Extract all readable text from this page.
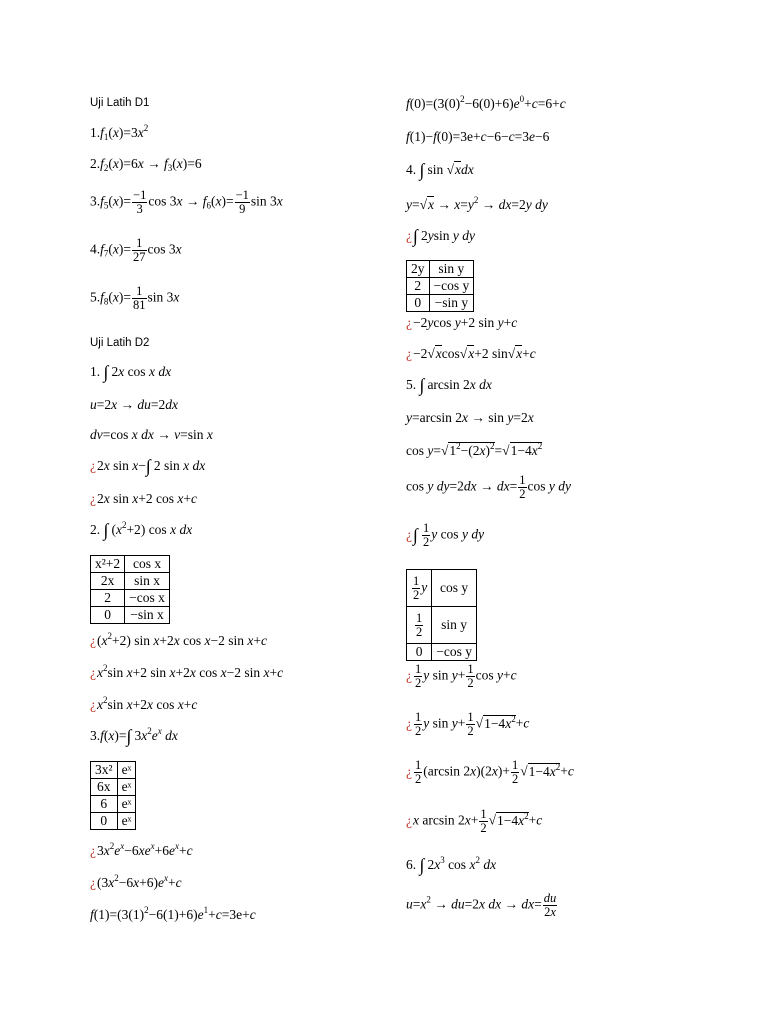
Uji Latih D1
$1.f_1(x)=3x^2$
$2.f_2(x)=6x \to f_3(x)=6$
$3.f_5(x)= \frac{-1}{3}$ $\cos 3x \to f_6(x)= \frac{-1}{9}$ sin 3x
$4.f_7(x)= \frac{1}{27}$ cos 3x
$5.f_8(x)= \frac{1}{81}$ sin 3x
Uji Latih D2
1. ∫ 2x cos x dx
u=2x → du=2dx
dv=cos x dx → v=sin x
¿2x sin x−∫ 2 sin x dx
¿2x sin x+2 cos x+c
2. ∫ $(x^2+2)$ cos x dx
x²+2	cos x
2x	sin x
2	−cos x
0	−sin x
¿$(x^2+2)$ sin x+2x cos x−2 sin x+c
¿$x^2\sin$ x+2 sin x+2x cos x−2 sin x+c
¿$x^2\sin$ x+2x cos x+c
3.f(x)=∫ $3x^2e^x$ dx
3x²	eˣ
6x	eˣ
6	eˣ
0	eˣ
¿$3x^2e^x-6xe^x+6e^x+c$
¿$(3x^2-6x+6)e^x+c$
$f(1)=(3(1)^2-6(1)+6)e^1+c=3e+c$
$f(0)=(3(0)^2-6(0)+6)e^0+c=6+c$
f(1)−f(0)=3e+c−6−c=3e−6
4. ∫ sin √xdx
$y=√x \to x=y^2 \to dx=2y$ dy
¿∫ 2ysin y dy
2y	sin y
2	−cos y
0	−sin y
¿−2ycos y+2 sin y+c
¿−2√xcos√x+2 sin√x+c
5. ∫ arcsin 2x dx
y=arcsin 2x → sin y=2x
$\cos y=√1^2-(2x)^2=√1-4x^2$
cos y $dy=2dx \to dx= \frac{1}{2}$ cos y dy
¿∫ $\frac{1}{2}$ y cos y dy
$\frac{1}{2}$ y	cos y

$\frac{1}{2}$	sin y
0	−cos y
¿ $\frac{1}{2}$ y $\sin y+ \frac{1}{2}$ cos y+c
¿ $\frac{1}{2}$ y $\sin y+ \frac{1}{2} √1-4x^2+c$
¿ $\frac{1}{2} (\arcsin$ $2x)(2x)+ \frac{1}{2} √1-4x^2+c$
¿x $\arcsin 2x+ \frac{1}{2} √1-4x^2+c$
6. ∫ $2x^3$ $\cos x^2$ dx
$u=x^2 \to du=2x$ dx → $dx= \frac{du}{2x}$
